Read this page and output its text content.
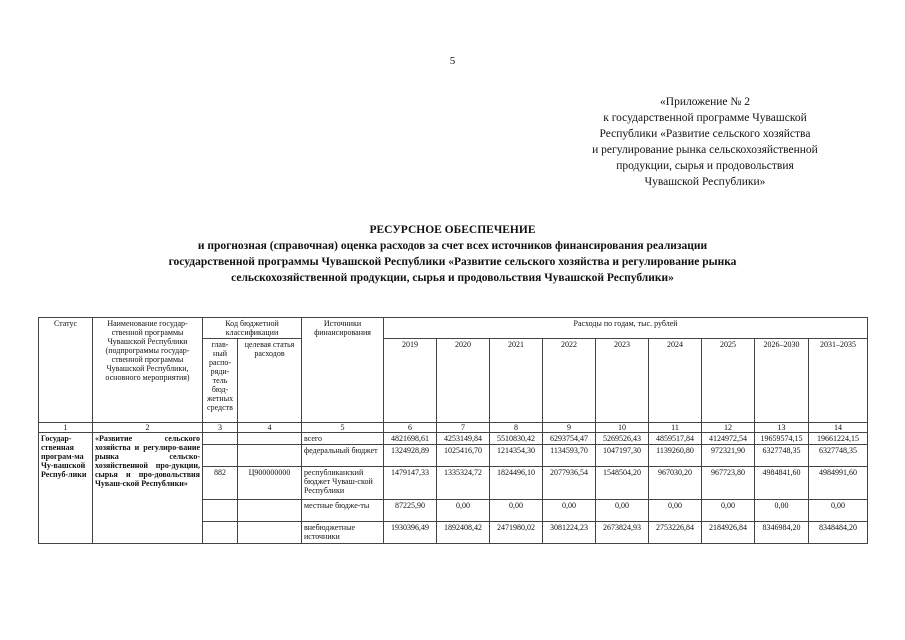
5
«Приложение № 2
к государственной программе Чувашской
Республики «Развитие сельского хозяйства
и регулирование рынка сельскохозяйственной
продукции, сырья и продовольствия
Чувашской Республики»
РЕСУРСНОЕ ОБЕСПЕЧЕНИЕ
и прогнозная (справочная) оценка расходов за счет всех источников финансирования реализации
государственной программы Чувашской Республики «Развитие сельского хозяйства и регулирование рынка
сельскохозяйственной продукции, сырья и продовольствия Чувашской Республики»
Статус	Наименование государ-ственной программы Чувашской Республики (подпрограммы государ-ственной программы Чувашской Республики, основного мероприятия)	Код бюджетной классификации		Источники финансирования	Расходы по годам, тыс. рублей								
		глав-ный распо-ряди-тель бюд-жетных средств	целевая статья расходов		2019	2020	2021	2022	2023	2024	2025	2026–2030	2031–2035
1	2	3	4	5	6	7	8	9	10	11	12	13	14
Государ-ственная програм-ма Чу-вашской Респуб-лики	«Развитие сельского хозяйства и регулиро-вание рынка сельско-хозяйственной про-дукции, сырья и про-довольствия Чуваш-ской Республики»			всего	4821698,61	4253149,84	5510830,42	6293754,47	5269526,43	4859517,84	4124972,54	19659574,15	19661224,15
				федеральный бюджет	1324928,89	1025416,70	1214354,30	1134593,70	1047197,30	1139260,80	972321,90	6327748,35	6327748,35
		882	Ц900000000	республиканский бюджет Чуваш-ской Республики	1479147,33	1335324,72	1824496,10	2077936,54	1548504,20	967030,20	967723,80	4984841,60	4984991,60
				местные бюдже-ты	87225,90	0,00	0,00	0,00	0,00	0,00	0,00	0,00	0,00
				внебюджетные источники	1930396,49	1892408,42	2471980,02	3081224,23	2673824,93	2753226,84	2184926,84	8346984,20	8348484,20
